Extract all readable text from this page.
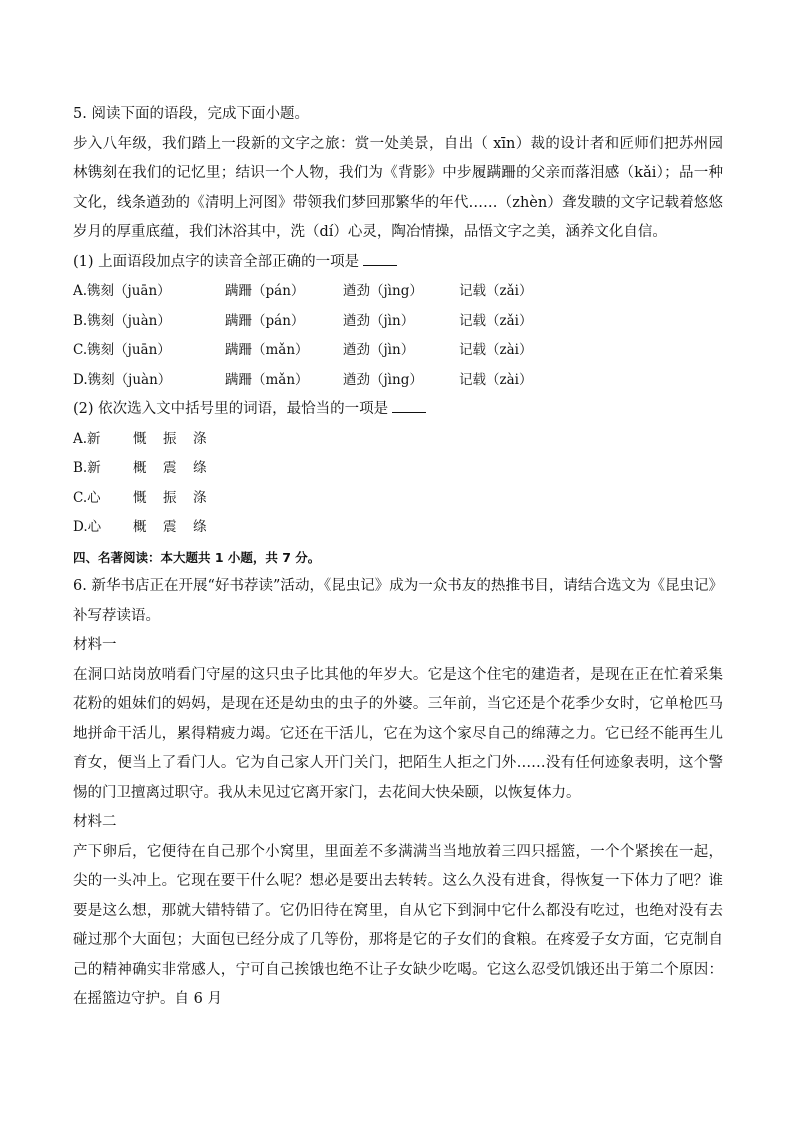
5. 阅读下面的语段，完成下面小题。
步入八年级，我们踏上一段新的文字之旅：赏一处美景，自出（ xīn）裁的设计者和匠师们把苏州园林镌刻在我们的记忆里；结识一个人物，我们为《背影》中步履蹒跚的父亲而落泪感（kǎi）；品一种文化，线条遒劲的《清明上河图》带领我们梦回那繁华的年代……（zhèn）聋发聩的文字记载着悠悠岁月的厚重底蕴，我们沐浴其中，洗（dí）心灵，陶冶情操，品悟文字之美，涵养文化自信。
(1) 上面语段加点字的读音全部正确的一项是
A.镌刻（juān）	蹒跚（pán）	遒劲（jìng）	记载（zǎi）
B.镌刻（juàn）	蹒跚（pán）	遒劲（jìn）	记载（zǎi）
C.镌刻（juān）	蹒跚（mǎn）	遒劲（jìn）	记载（zài）
D.镌刻（juàn）	蹒跚（mǎn）	遒劲（jìng）	记载（zài）
(2) 依次选入文中括号里的词语，最恰当的一项是
A.新	慨	振	涤
B.新	概	震	绦
C.心	慨	振	涤
D.心	概	震	绦
四、名著阅读：本大题共 1 小题，共 7 分。
6. 新华书店正在开展“好书荐读”活动，《昆虫记》成为一众书友的热推书目，请结合选文为《昆虫记》补写荐读语。
材料一
在洞口站岗放哨看门守屋的这只虫子比其他的年岁大。它是这个住宅的建造者，是现在正在忙着采集花粉的姐妹们的妈妈，是现在还是幼虫的虫子的外婆。三年前，当它还是个花季少女时，它单枪匹马地拼命干活儿，累得精疲力竭。它还在干活儿，它在为这个家尽自己的绵薄之力。它已经不能再生儿育女，便当上了看门人。它为自己家人开门关门，把陌生人拒之门外……没有任何迹象表明，这个警惕的门卫擅离过职守。我从未见过它离开家门，去花间大快朵颐，以恢复体力。
材料二
产下卵后，它便待在自己那个小窝里，里面差不多满满当当地放着三四只摇篮，一个个紧挨在一起，尖的一头冲上。它现在要干什么呢？想必是要出去转转。这么久没有进食，得恢复一下体力了吧？谁要是这么想，那就大错特错了。它仍旧待在窝里，自从它下到洞中它什么都没有吃过，也绝对没有去碰过那个大面包；大面包已经分成了几等份，那将是它的子女们的食粮。在疼爱子女方面，它克制自己的精神确实非常感人，宁可自己挨饿也绝不让子女缺少吃喝。它这么忍受饥饿还出于第二个原因：在摇篮边守护。自 6 月
